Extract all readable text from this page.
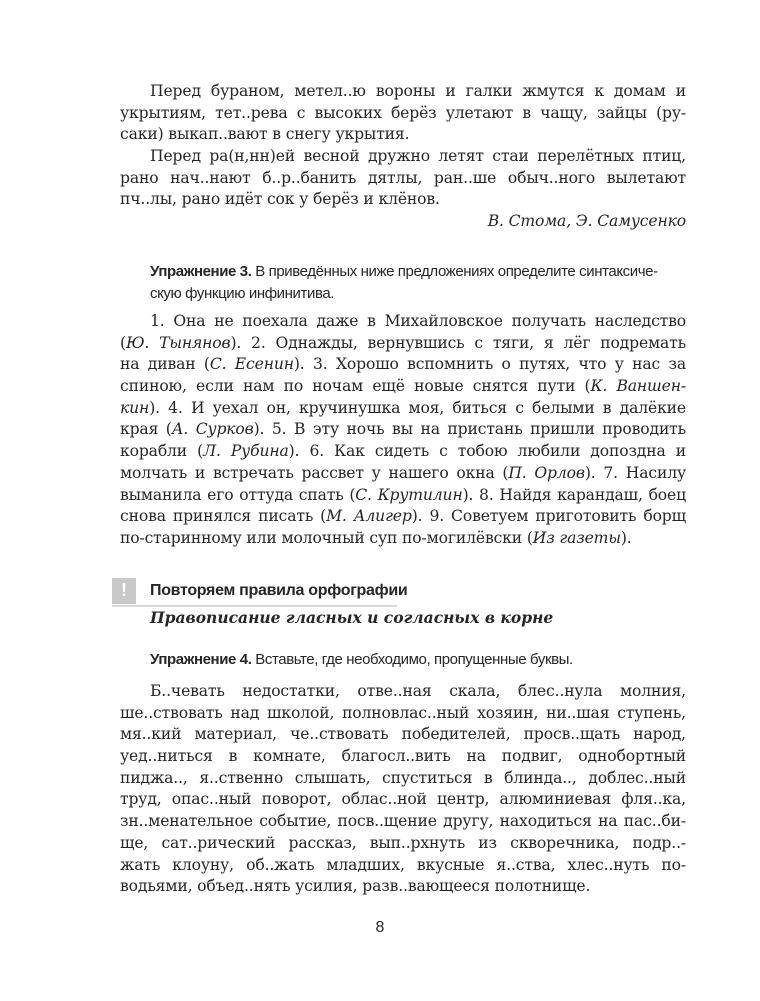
Перед бураном, метел..ю вороны и галки жмутся к домам и
укрытиям, тет..рева с высоких берёз улетают в чащу, зайцы (ру-
саки) выкап..вают в снегу укрытия.
Перед ра(н,нн)ей весной дружно летят стаи перелётных птиц,
рано нач..нают б..р..банить дятлы, ран..ше обыч..ного вылетают
пч..лы, рано идёт сок у берёз и клёнов.
В. Стома, Э. Самусенко
Упражнение 3. В приведённых ниже предложениях определите синтаксиче-
скую функцию инфинитива.
1. Она не поехала даже в Михайловское получать наследство
(Ю. Тынянов). 2. Однажды, вернувшись с тяги, я лёг подремать
на диван (С. Есенин). 3. Хорошо вспомнить о путях, что у нас за
спиною, если нам по ночам ещё новые снятся пути (К. Ваншен-
кин). 4. И уехал он, кручинушка моя, биться с белыми в далёкие
края (А. Сурков). 5. В эту ночь вы на пристань пришли проводить
корабли (Л. Рубина). 6. Как сидеть с тобою любили допоздна и
молчать и встречать рассвет у нашего окна (П. Орлов). 7. Насилу
выманила его оттуда спать (С. Крутилин). 8. Найдя карандаш, боец
снова принялся писать (М. Алигер). 9. Советуем приготовить борщ
по-старинному или молочный суп по-могилёвски (Из газеты).
!	Повторяем правила орфографии
Правописание гласных и согласных в корне
Упражнение 4. Вставьте, где необходимо, пропущенные буквы.
Б..чевать недостатки, отве..ная скала, блес..нула молния,
ше..ствовать над школой, полновлас..ный хозяин, ни..шая ступень,
мя..кий материал, че..ствовать победителей, просв..щать народ,
уед..ниться в комнате, благосл..вить на подвиг, однобортный
пиджа.., я..ственно слышать, спуститься в блинда.., доблес..ный
труд, опас..ный поворот, облас..ной центр, алюминиевая фля..ка,
зн..менательное событие, посв..щение другу, находиться на пас..би-
ще, сат..рический рассказ, вып..рхнуть из скворечника, подр..-
жать клоуну, об..жать младших, вкусные я..ства, хлес..нуть по-
водьями, объед..нять усилия, разв..вающееся полотнище.
8
